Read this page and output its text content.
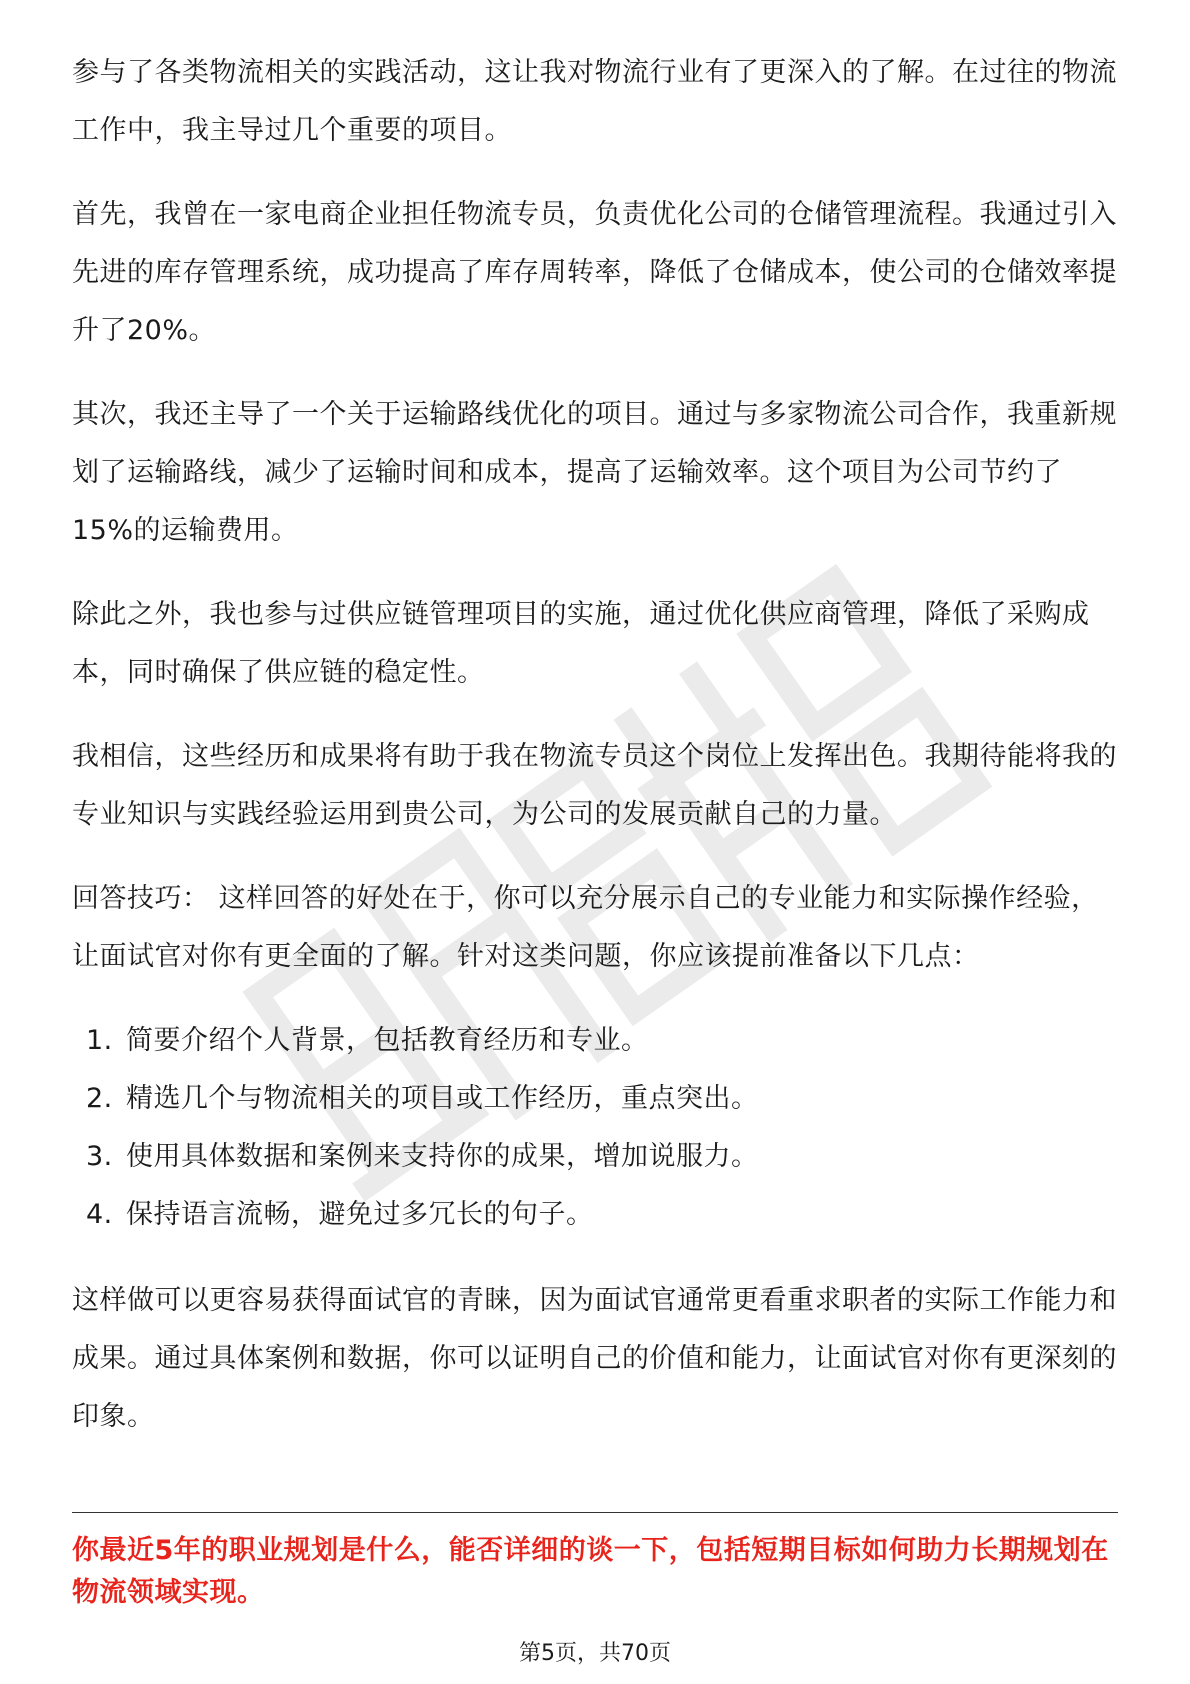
参与了各类物流相关的实践活动，这让我对物流行业有了更深入的了解。在过往的物流工作中，我主导过几个重要的项目。

首先，我曾在一家电商企业担任物流专员，负责优化公司的仓储管理流程。我通过引入先进的库存管理系统，成功提高了库存周转率，降低了仓储成本，使公司的仓储效率提升了20%。

其次，我还主导了一个关于运输路线优化的项目。通过与多家物流公司合作，我重新规划了运输路线，减少了运输时间和成本，提高了运输效率。这个项目为公司节约了15%的运输费用。

除此之外，我也参与过供应链管理项目的实施，通过优化供应商管理，降低了采购成本，同时确保了供应链的稳定性。

我相信，这些经历和成果将有助于我在物流专员这个岗位上发挥出色。我期待能将我的专业知识与实践经验运用到贵公司，为公司的发展贡献自己的力量。

回答技巧： 这样回答的好处在于，你可以充分展示自己的专业能力和实际操作经验，让面试官对你有更全面的了解。针对这类问题，你应该提前准备以下几点：

1. 简要介绍个人背景，包括教育经历和专业。
2. 精选几个与物流相关的项目或工作经历，重点突出。
3. 使用具体数据和案例来支持你的成果，增加说服力。
4. 保持语言流畅，避免过多冗长的句子。

这样做可以更容易获得面试官的青睐，因为面试官通常更看重求职者的实际工作能力和成果。通过具体案例和数据，你可以证明自己的价值和能力，让面试官对你有更深刻的印象。

你最近5年的职业规划是什么，能否详细的谈一下，包括短期目标如何助力长期规划在物流领域实现。
第5页，共70页
